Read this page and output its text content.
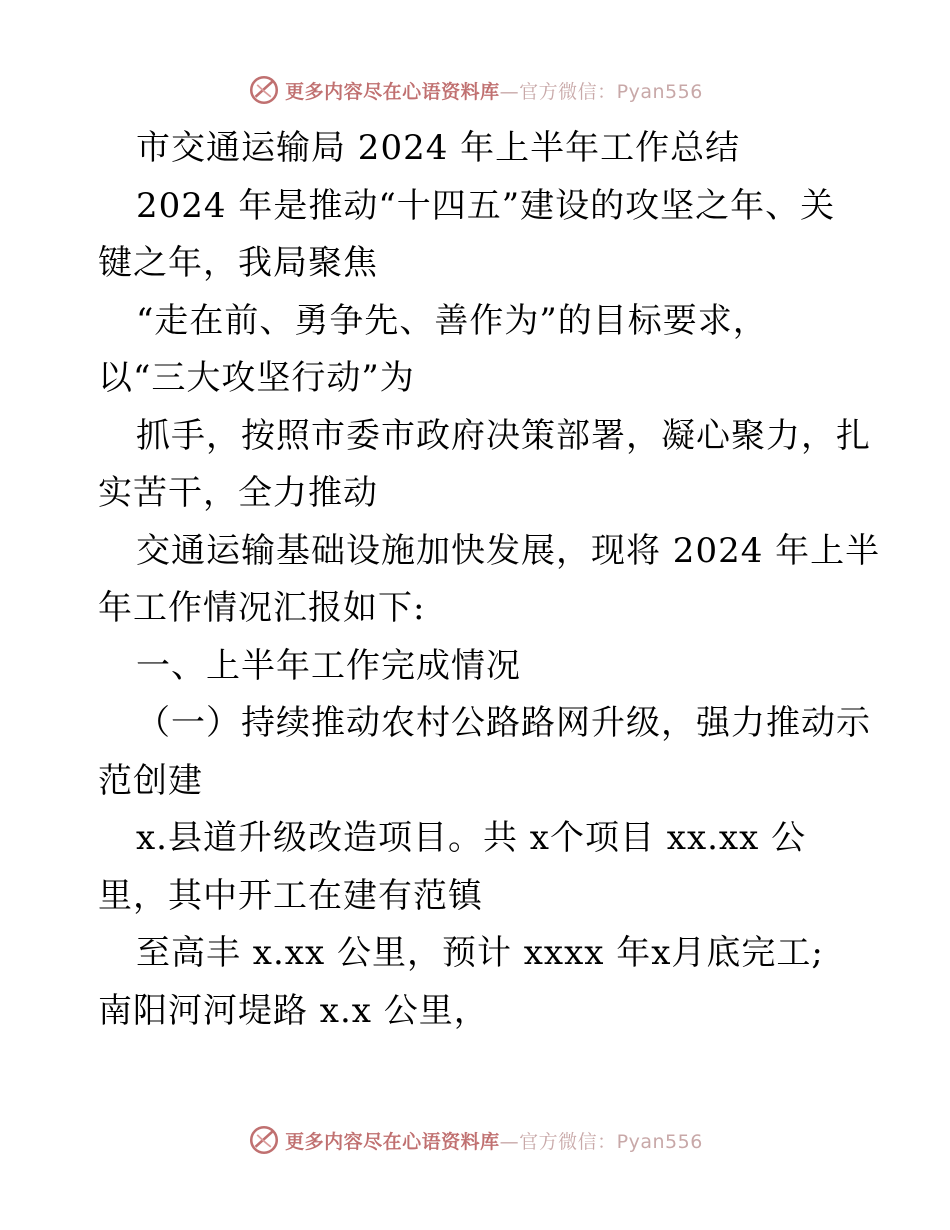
更多内容尽在心语资料库—官方微信：Pyan556
市交通运输局 2024 年上半年工作总结
2024 年是推动“十四五”建设的攻坚之年、关
键之年，我局聚焦
“走在前、勇争先、善作为”的目标要求，
以“三大攻坚行动”为
抓手，按照市委市政府决策部署，凝心聚力，扎
实苦干，全力推动
交通运输基础设施加快发展，现将 2024 年上半
年工作情况汇报如下:
一、上半年工作完成情况
（一）持续推动农村公路路网升级，强力推动示
范创建
x.县道升级改造项目。共 x个项目 xx.xx 公
里，其中开工在建有范镇
至高丰 x.xx 公里，预计 xxxx 年x月底完工;
南阳河河堤路 x.x 公里，
更多内容尽在心语资料库—官方微信：Pyan556
